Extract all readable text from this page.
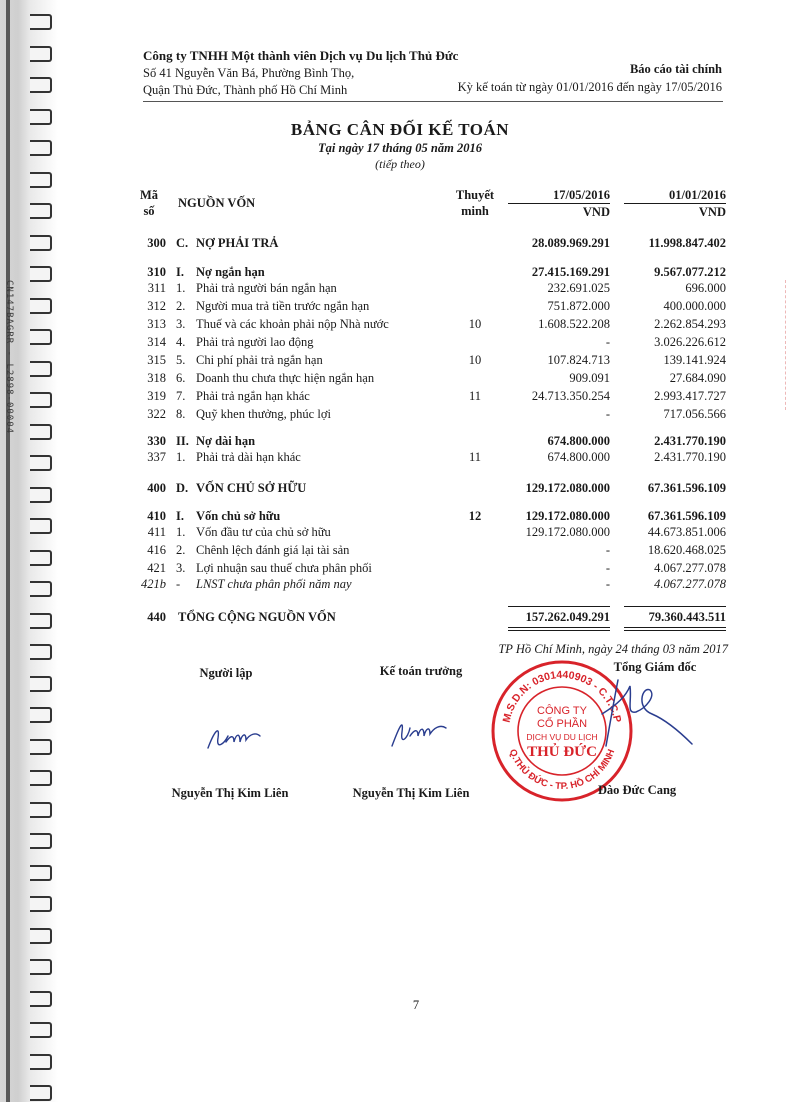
CN147BAGRR - L2898-00004
Công ty TNHH Một thành viên Dịch vụ Du lịch Thủ Đức
Số 41 Nguyễn Văn Bá, Phường Bình Thọ,
Quận Thủ Đức, Thành phố Hồ Chí Minh
Báo cáo tài chính
Kỳ kế toán từ ngày 01/01/2016 đến ngày 17/05/2016
BẢNG CÂN ĐỐI KẾ TOÁN
Tại ngày 17 tháng 05 năm 2016
(tiếp theo)
Mã
số
NGUỒN VỐN
Thuyết
minh
17/05/2016	01/01/2016
VND	VND
300 C. NỢ PHẢI TRẢ	28.089.969.291	11.998.847.402
310 I. Nợ ngắn hạn	27.415.169.291	9.567.077.212
311 1. Phải trả người bán ngắn hạn	232.691.025	696.000
312 2. Người mua trả tiền trước ngắn hạn	751.872.000	400.000.000
313 3. Thuế và các khoản phải nộp Nhà nước	10	1.608.522.208	2.262.854.293
314 4. Phải trả người lao động	-	3.026.226.612
315 5. Chi phí phải trả ngắn hạn	10	107.824.713	139.141.924
318 6. Doanh thu chưa thực hiện ngắn hạn	909.091	27.684.090
319 7. Phải trả ngắn hạn khác	11	24.713.350.254	2.993.417.727
322 8. Quỹ khen thưởng, phúc lợi	-	717.056.566
330 II. Nợ dài hạn	674.800.000	2.431.770.190
337 1. Phải trả dài hạn khác	11	674.800.000	2.431.770.190
400 D. VỐN CHỦ SỞ HỮU	129.172.080.000	67.361.596.109
410 I. Vốn chủ sở hữu	12	129.172.080.000	67.361.596.109
411 1. Vốn đầu tư của chủ sở hữu	129.172.080.000	44.673.851.006
416 2. Chênh lệch đánh giá lại tài sản	-	18.620.468.025
421 3. Lợi nhuận sau thuế chưa phân phối	-	4.067.277.078
421b - LNST chưa phân phối năm nay	-	4.067.277.078
440 TỔNG CỘNG NGUỒN VỐN	157.262.049.291	79.360.443.511
TP Hồ Chí Minh, ngày 24 tháng 03 năm 2017
Người lập	Kế toán trưởng	Tổng Giám đốc
M.S.D.N: 0301440903 - C.T.C.P
Q.THỦ ĐỨC - TP. HỒ CHÍ MINH
CÔNG TY
CỔ PHẦN
DỊCH VỤ DU LỊCH
THỦ ĐỨC
Nguyễn Thị Kim Liên	Nguyễn Thị Kim Liên	Đào Đức Cang
7
